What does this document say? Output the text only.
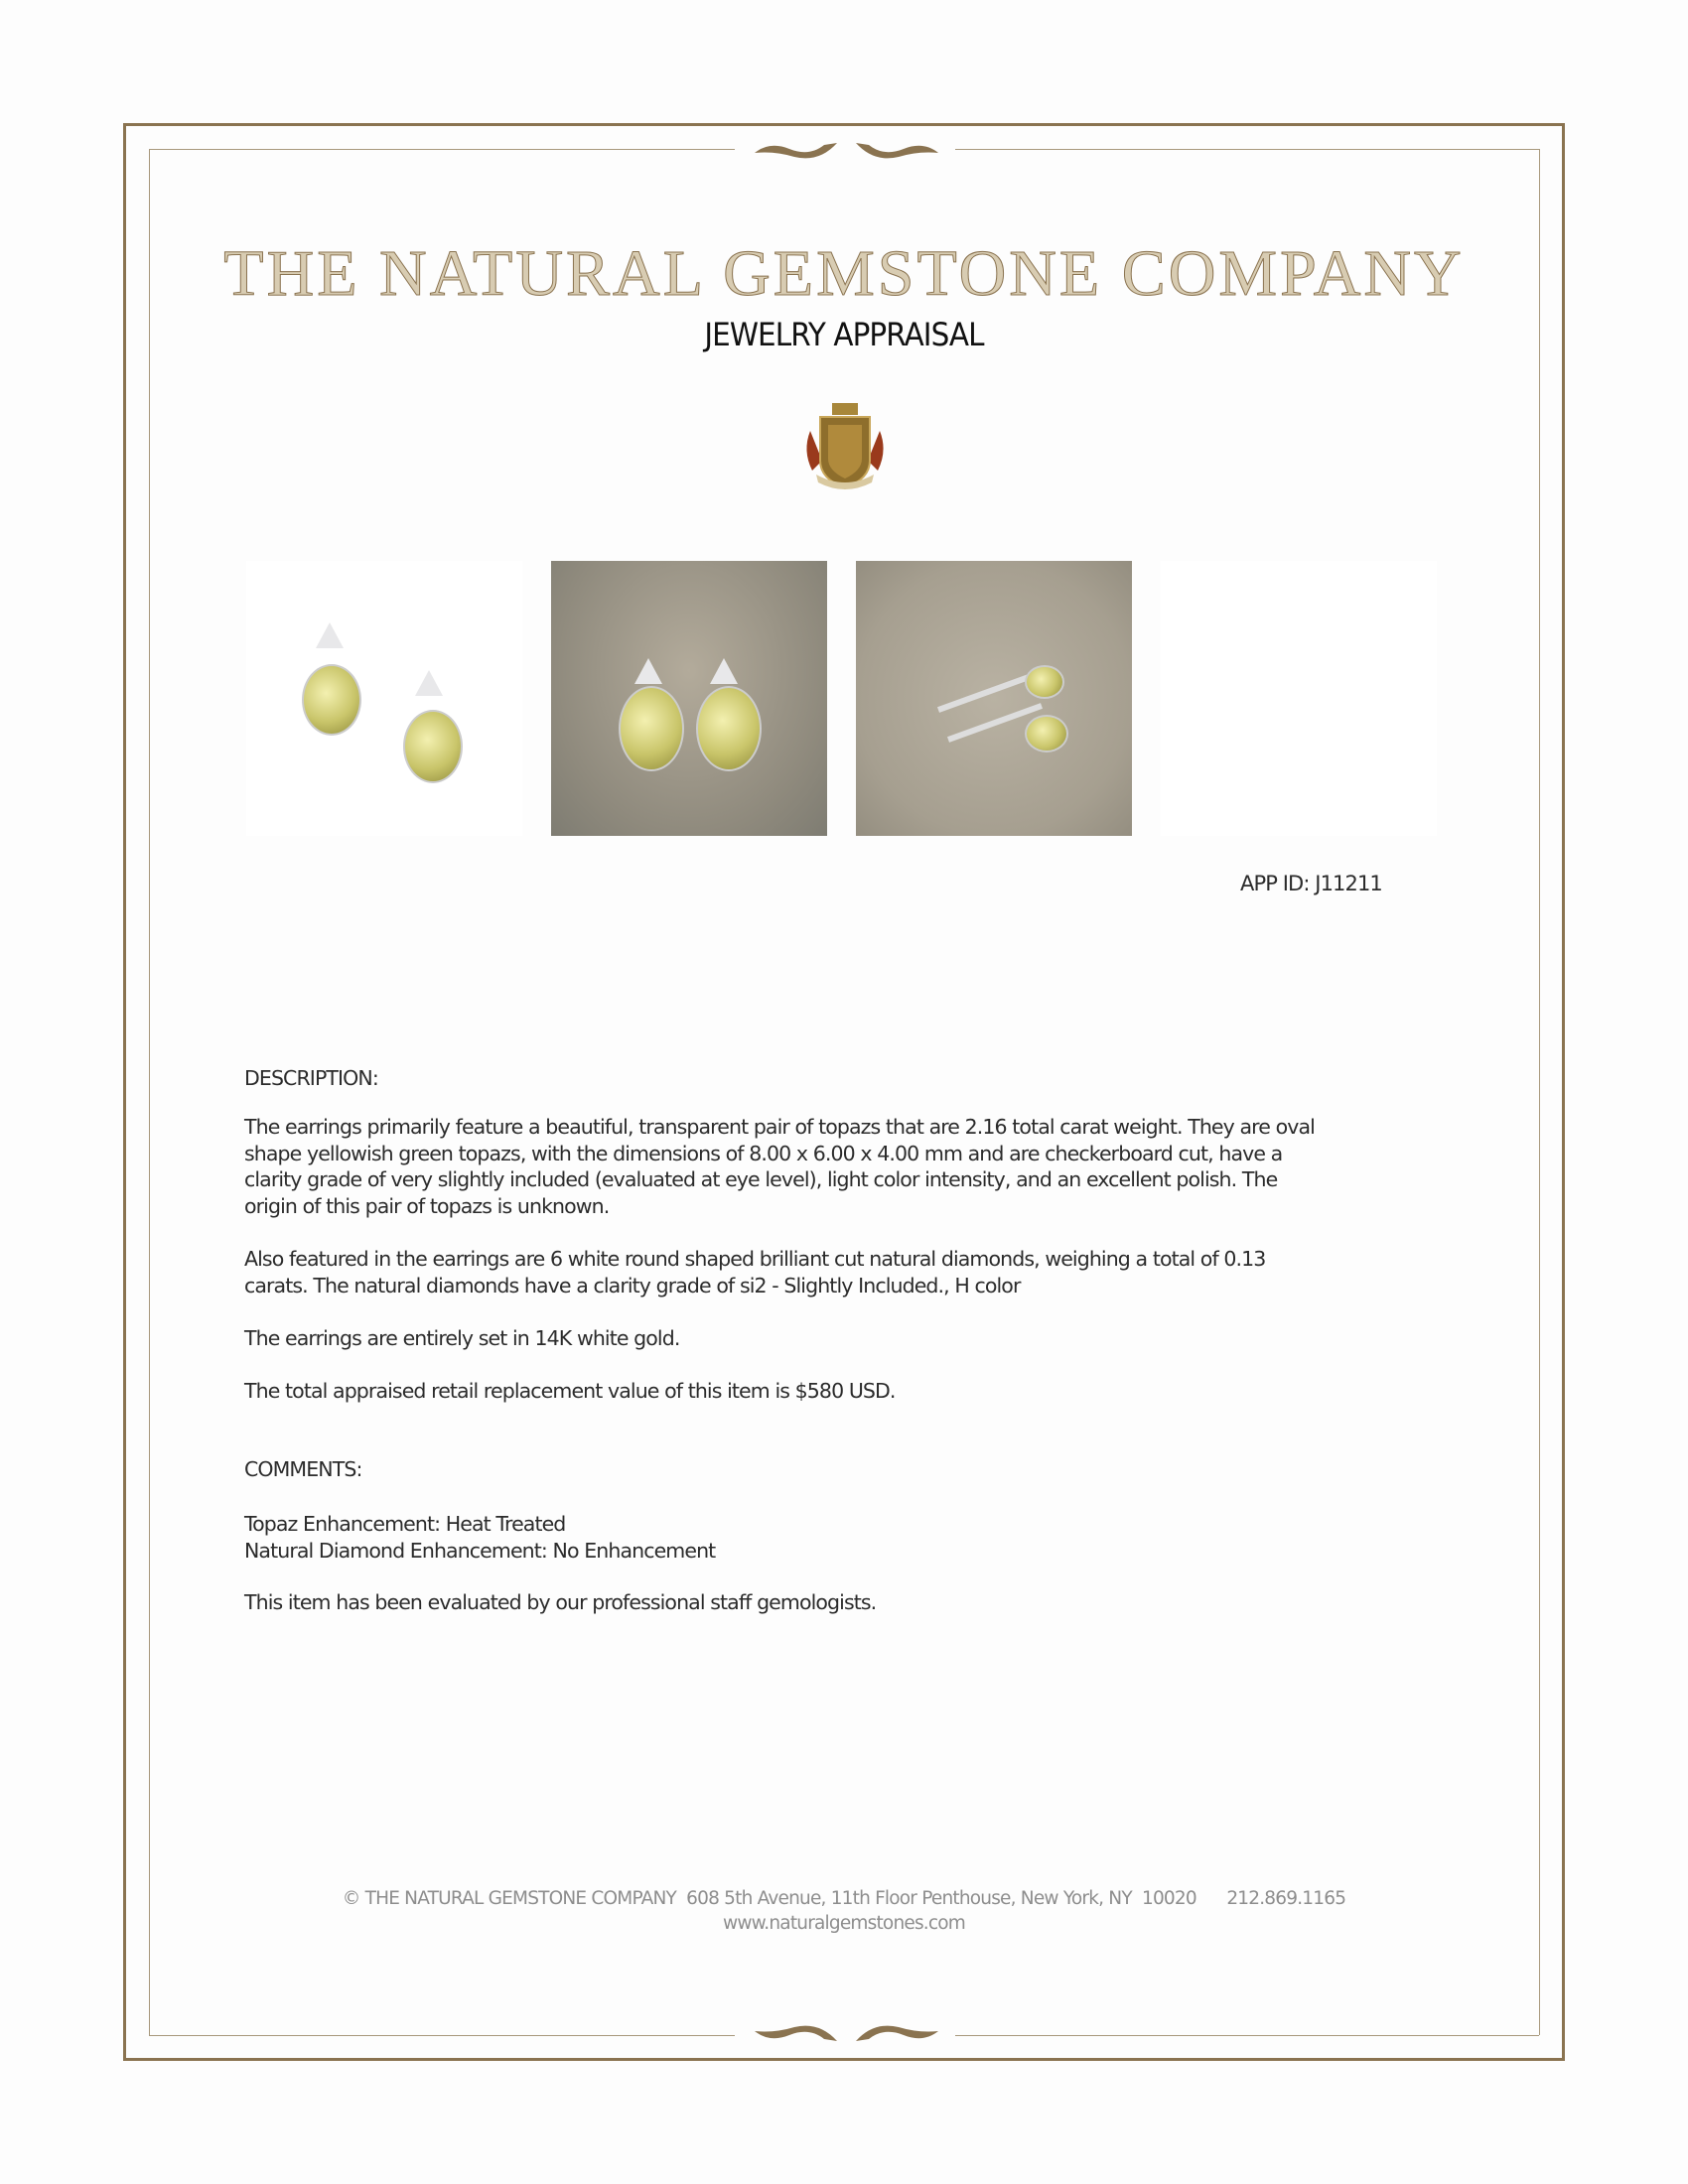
THE NATURAL GEMSTONE COMPANY
JEWELRY APPRAISAL
APP ID: J11211
DESCRIPTION:
The earrings primarily feature a beautiful, transparent pair of topazs that are 2.16 total carat weight. They are oval
shape yellowish green topazs, with the dimensions of 8.00 x 6.00 x 4.00 mm and are checkerboard cut, have a
clarity grade of very slightly included (evaluated at eye level), light color intensity, and an excellent polish. The
origin of this pair of topazs is unknown.
Also featured in the earrings are 6 white round shaped brilliant cut natural diamonds, weighing a total of 0.13
carats. The natural diamonds have a clarity grade of si2 - Slightly Included., H color
The earrings are entirely set in 14K white gold.
The total appraised retail replacement value of this item is $580 USD.
COMMENTS:
Topaz Enhancement: Heat Treated
Natural Diamond Enhancement: No Enhancement
This item has been evaluated by our professional staff gemologists.
© THE NATURAL GEMSTONE COMPANY  608 5th Avenue, 11th Floor Penthouse, New York, NY  10020      212.869.1165
www.naturalgemstones.com
